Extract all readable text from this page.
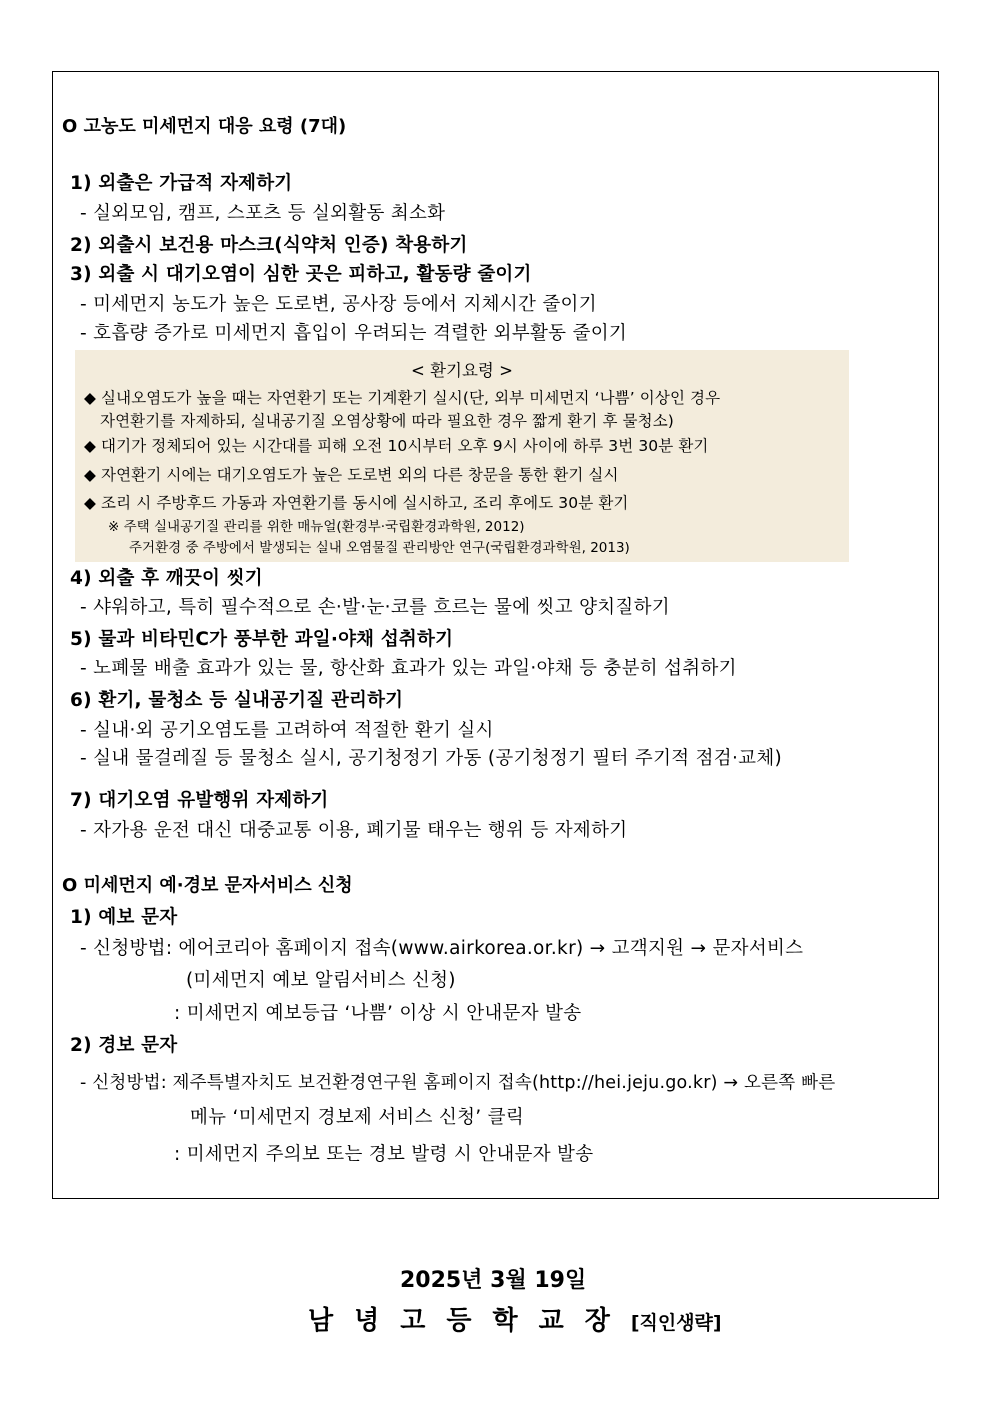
O 고농도 미세먼지 대응 요령 (7대)
1) 외출은 가급적 자제하기
- 실외모임, 캠프, 스포츠 등 실외활동 최소화
2) 외출시 보건용 마스크(식약처 인증) 착용하기
3) 외출 시 대기오염이 심한 곳은 피하고, 활동량 줄이기
- 미세먼지 농도가 높은 도로변, 공사장 등에서 지체시간 줄이기
- 호흡량 증가로 미세먼지 흡입이 우려되는 격렬한 외부활동 줄이기
< 환기요령 >
◆ 실내오염도가 높을 때는 자연환기 또는 기계환기 실시(단, 외부 미세먼지 ‘나쁨’ 이상인 경우
자연환기를 자제하되, 실내공기질 오염상황에 따라 필요한 경우 짧게 환기 후 물청소)
◆ 대기가 정체되어 있는 시간대를 피해 오전 10시부터 오후 9시 사이에 하루 3번 30분 환기
◆ 자연환기 시에는 대기오염도가 높은 도로변 외의 다른 창문을 통한 환기 실시
◆ 조리 시 주방후드 가동과 자연환기를 동시에 실시하고, 조리 후에도 30분 환기
※ 주택 실내공기질 관리를 위한 매뉴얼(환경부·국립환경과학원, 2012)
주거환경 중 주방에서 발생되는 실내 오염물질 관리방안 연구(국립환경과학원, 2013)
4) 외출 후 깨끗이 씻기
- 샤워하고, 특히 필수적으로 손·발·눈·코를 흐르는 물에 씻고 양치질하기
5) 물과 비타민C가 풍부한 과일·야채 섭취하기
- 노폐물 배출 효과가 있는 물, 항산화 효과가 있는 과일·야채 등 충분히 섭취하기
6) 환기, 물청소 등 실내공기질 관리하기
- 실내·외 공기오염도를 고려하여 적절한 환기 실시
- 실내 물걸레질 등 물청소 실시, 공기청정기 가동 (공기청정기 필터 주기적 점검·교체)
7) 대기오염 유발행위 자제하기
- 자가용 운전 대신 대중교통 이용, 폐기물 태우는 행위 등 자제하기
O 미세먼지 예·경보 문자서비스 신청
1) 예보 문자
- 신청방법: 에어코리아 홈페이지 접속(www.airkorea.or.kr) → 고객지원 → 문자서비스
(미세먼지 예보 알림서비스 신청)
: 미세먼지 예보등급 ‘나쁨’ 이상 시 안내문자 발송
2) 경보 문자
- 신청방법: 제주특별자치도 보건환경연구원 홈페이지 접속(http://hei.jeju.go.kr) → 오른쪽 빠른
메뉴 ‘미세먼지 경보제 서비스 신청’ 클릭
: 미세먼지 주의보 또는 경보 발령 시 안내문자 발송
2025년 3월 19일
남녕고등학교장[직인생략]
